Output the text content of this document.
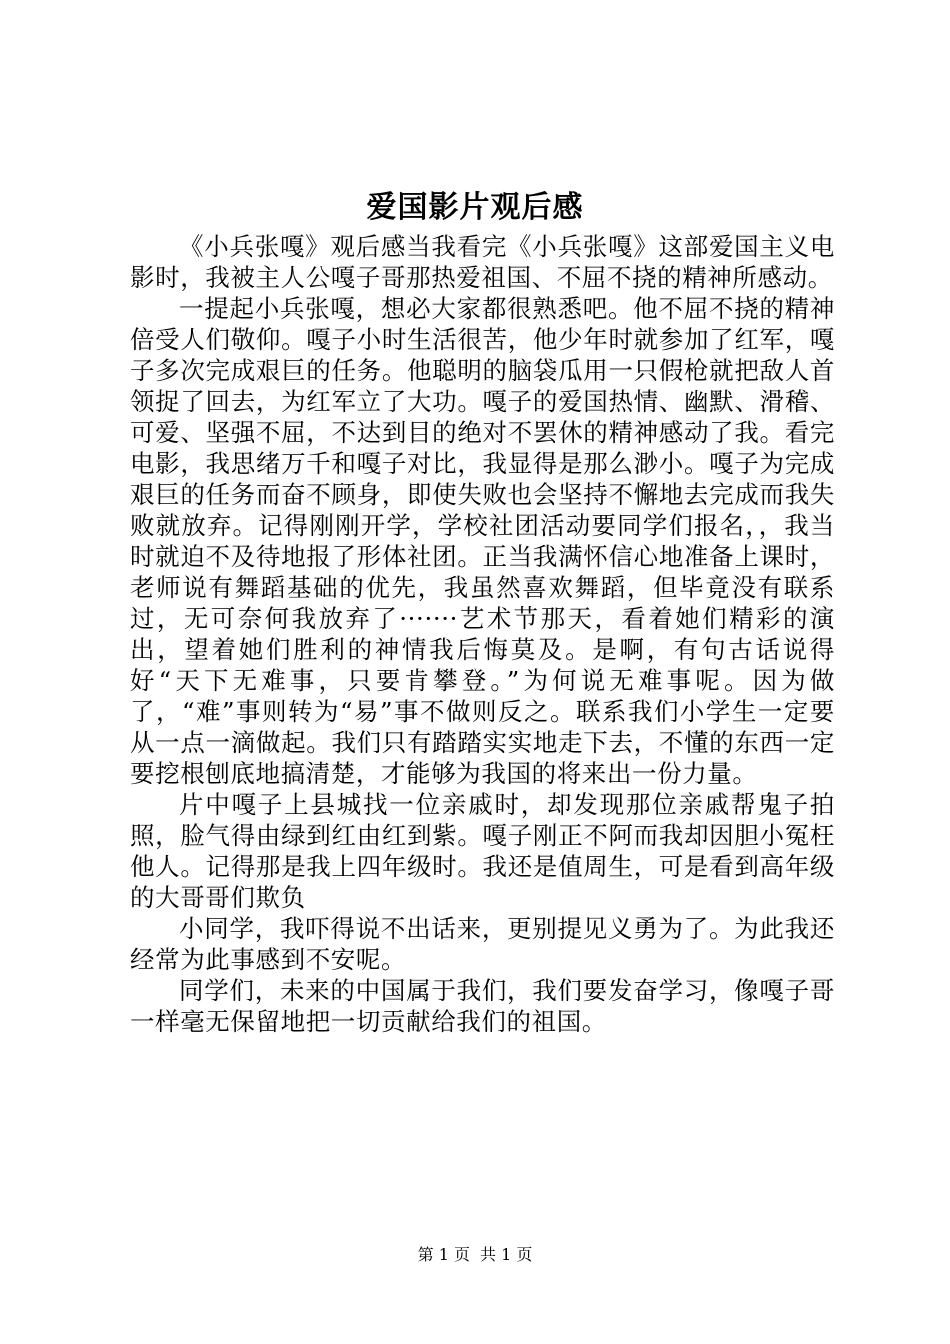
爱国影片观后感

《小兵张嘎》观后感当我看完《小兵张嘎》这部爱国主义电影时，我被主人公嘎子哥那热爱祖国、不屈不挠的精神所感动。

一提起小兵张嘎，想必大家都很熟悉吧。他不屈不挠的精神倍受人们敬仰。嘎子小时生活很苦，他少年时就参加了红军，嘎子多次完成艰巨的任务。他聪明的脑袋瓜用一只假枪就把敌人首领捉了回去，为红军立了大功。嘎子的爱国热情、幽默、滑稽、可爱、坚强不屈，不达到目的绝对不罢休的精神感动了我。看完电影，我思绪万千和嘎子对比，我显得是那么渺小。嘎子为完成艰巨的任务而奋不顾身，即使失败也会坚持不懈地去完成而我失败就放弃。记得刚刚开学，学校社团活动要同学们报名，，我当时就迫不及待地报了形体社团。正当我满怀信心地准备上课时，老师说有舞蹈基础的优先，我虽然喜欢舞蹈，但毕竟没有联系过，无可奈何我放弃了·······艺术节那天，看着她们精彩的演出，望着她们胜利的神情我后悔莫及。是啊，有句古话说得好“天下无难事，只要肯攀登。”为何说无难事呢。因为做了，“难”事则转为“易”事不做则反之。联系我们小学生一定要从一点一滴做起。我们只有踏踏实实地走下去，不懂的东西一定要挖根刨底地搞清楚，才能够为我国的将来出一份力量。

片中嘎子上县城找一位亲戚时，却发现那位亲戚帮鬼子拍照，脸气得由绿到红由红到紫。嘎子刚正不阿而我却因胆小冤枉他人。记得那是我上四年级时。我还是值周生，可是看到高年级的大哥哥们欺负

小同学，我吓得说不出话来，更别提见义勇为了。为此我还经常为此事感到不安呢。

同学们，未来的中国属于我们，我们要发奋学习，像嘎子哥一样毫无保留地把一切贡献给我们的祖国。

第 1 页 共 1 页
